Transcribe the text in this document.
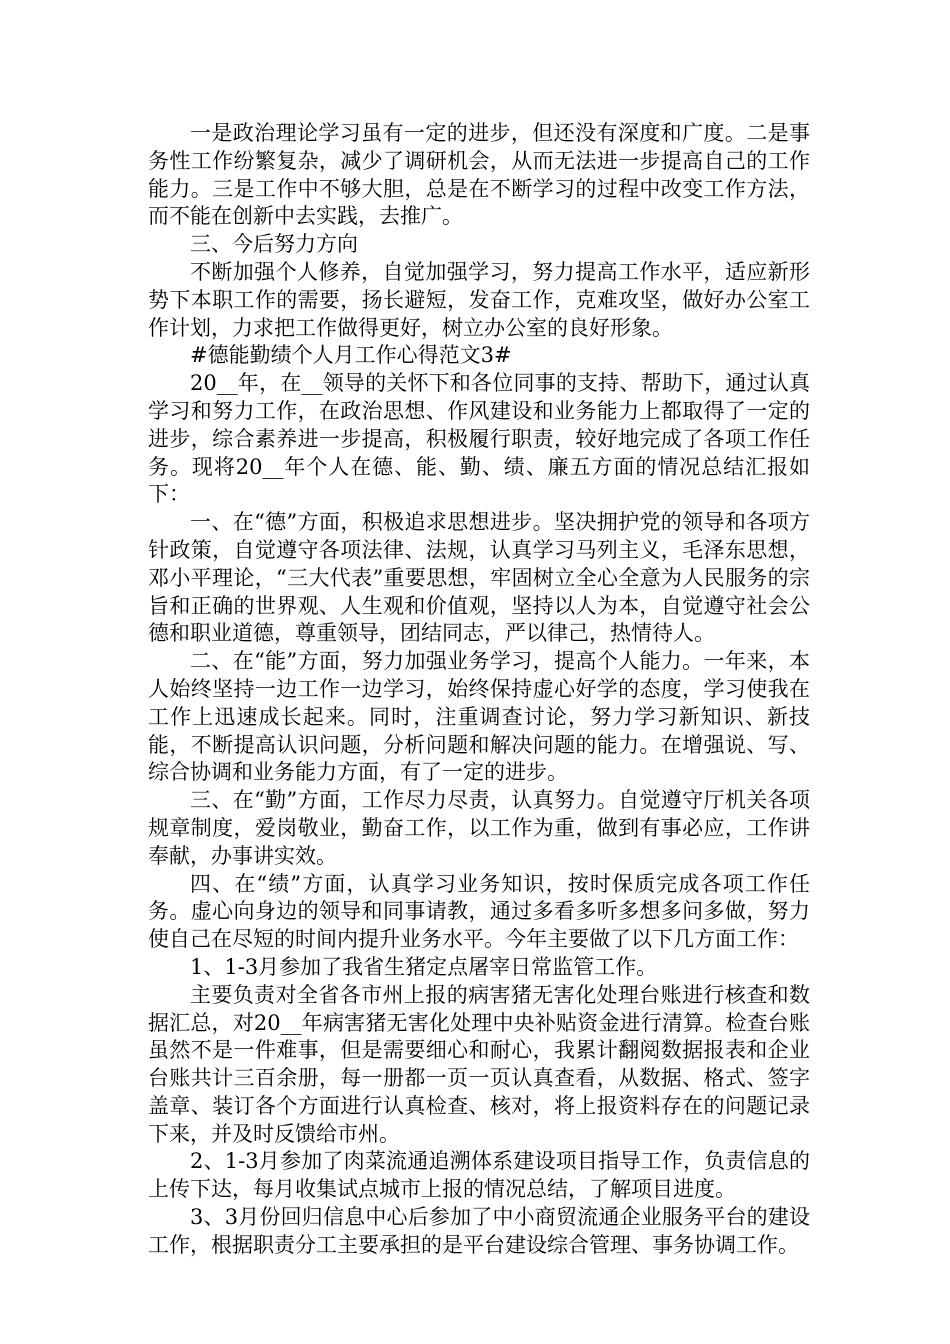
一是政治理论学习虽有一定的进步，但还没有深度和广度。二是事务性工作纷繁复杂，减少了调研机会，从而无法进一步提高自己的工作能力。三是工作中不够大胆，总是在不断学习的过程中改变工作方法，而不能在创新中去实践，去推广。

三、今后努力方向

不断加强个人修养，自觉加强学习，努力提高工作水平，适应新形势下本职工作的需要，扬长避短，发奋工作，克难攻坚，做好办公室工作计划，力求把工作做得更好，树立办公室的良好形象。

#德能勤绩个人月工作心得范文3#

20__年，在__领导的关怀下和各位同事的支持、帮助下，通过认真学习和努力工作，在政治思想、作风建设和业务能力上都取得了一定的进步，综合素养进一步提高，积极履行职责，较好地完成了各项工作任务。现将20__年个人在德、能、勤、绩、廉五方面的情况总结汇报如下：

一、在“德”方面，积极追求思想进步。坚决拥护党的领导和各项方针政策，自觉遵守各项法律、法规，认真学习马列主义，毛泽东思想，邓小平理论，“三大代表”重要思想，牢固树立全心全意为人民服务的宗旨和正确的世界观、人生观和价值观，坚持以人为本，自觉遵守社会公德和职业道德，尊重领导，团结同志，严以律己，热情待人。

二、在“能”方面，努力加强业务学习，提高个人能力。一年来，本人始终坚持一边工作一边学习，始终保持虚心好学的态度，学习使我在工作上迅速成长起来。同时，注重调查讨论，努力学习新知识、新技能，不断提高认识问题，分析问题和解决问题的能力。在增强说、写、综合协调和业务能力方面，有了一定的进步。

三、在“勤”方面，工作尽力尽责，认真努力。自觉遵守厅机关各项规章制度，爱岗敬业，勤奋工作，以工作为重，做到有事必应，工作讲奉献，办事讲实效。

四、在“绩”方面，认真学习业务知识，按时保质完成各项工作任务。虚心向身边的领导和同事请教，通过多看多听多想多问多做，努力使自己在尽短的时间内提升业务水平。今年主要做了以下几方面工作：

1、1-3月参加了我省生猪定点屠宰日常监管工作。

主要负责对全省各市州上报的病害猪无害化处理台账进行核查和数据汇总，对20__年病害猪无害化处理中央补贴资金进行清算。检查台账虽然不是一件难事，但是需要细心和耐心，我累计翻阅数据报表和企业台账共计三百余册，每一册都一页一页认真查看，从数据、格式、签字盖章、装订各个方面进行认真检查、核对，将上报资料存在的问题记录下来，并及时反馈给市州。

2、1-3月参加了肉菜流通追溯体系建设项目指导工作，负责信息的上传下达，每月收集试点城市上报的情况总结，了解项目进度。

3、3月份回归信息中心后参加了中小商贸流通企业服务平台的建设工作，根据职责分工主要承担的是平台建设综合管理、事务协调工作。
